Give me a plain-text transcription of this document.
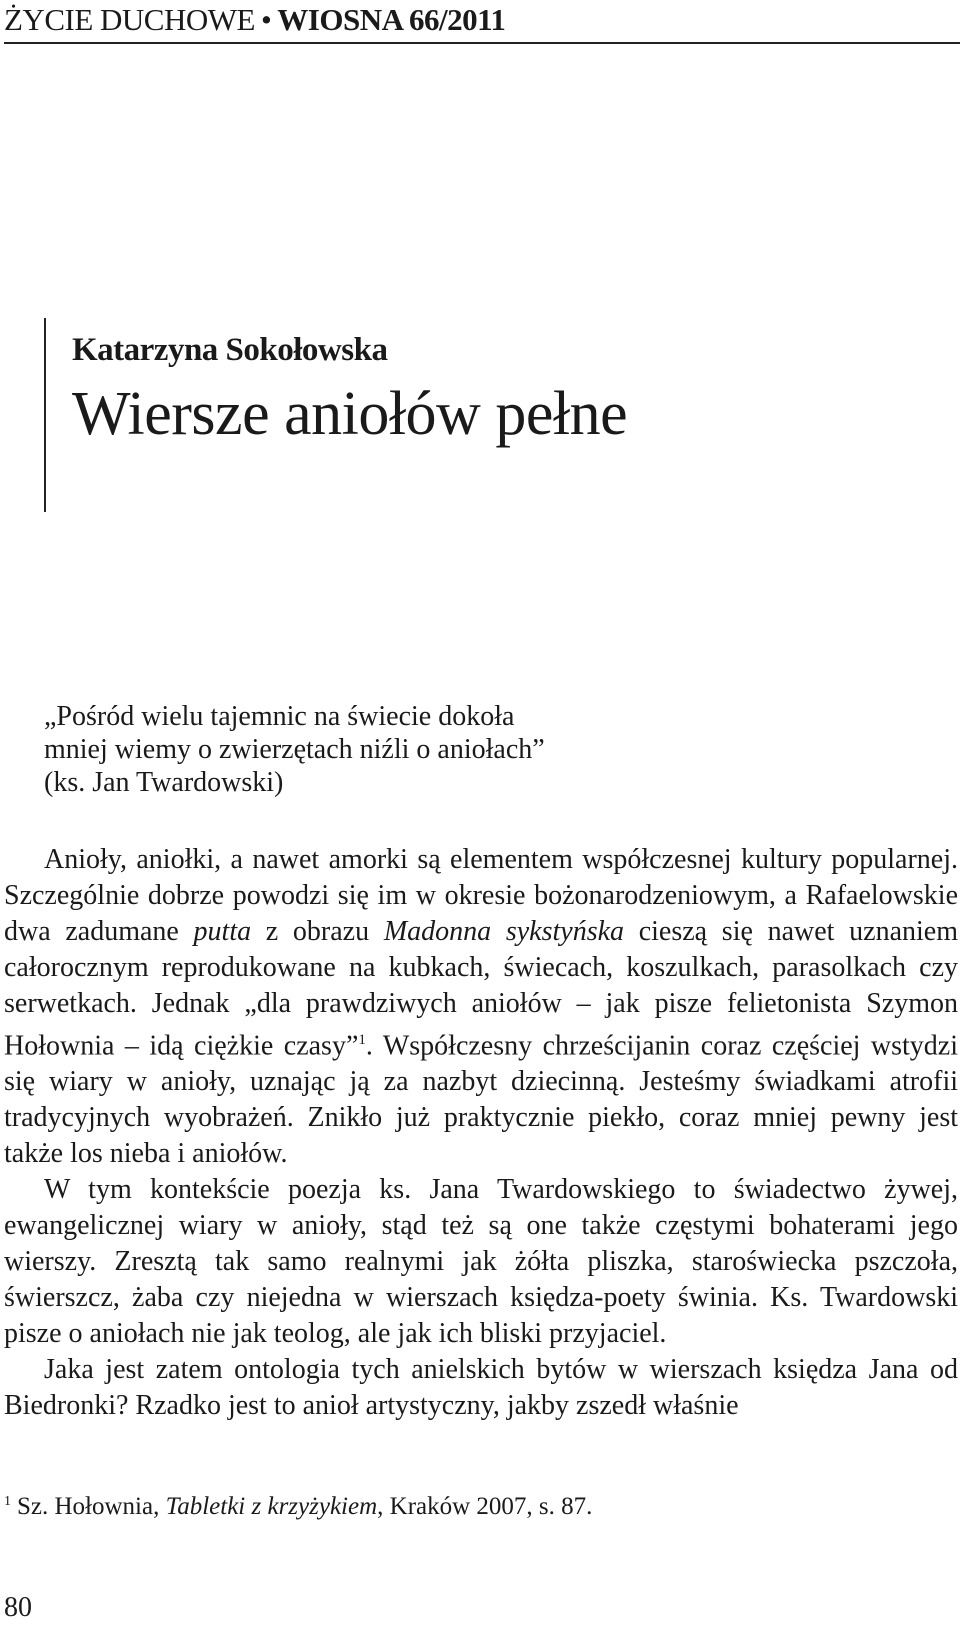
ŻYCIE DUCHOWE • WIOSNA 66/2011
Katarzyna Sokołowska
Wiersze aniołów pełne
„Pośród wielu tajemnic na świecie dokoła
mniej wiemy o zwierzętach niźli o aniołach”
(ks. Jan Twardowski)

Anioły, aniołki, a nawet amorki są elementem współczesnej kultury popularnej. Szczególnie dobrze powodzi się im w okresie bożonarodzeniowym, a Rafaelowskie dwa zadumane putta z obrazu Madonna sykstyńska cieszą się nawet uznaniem całorocznym reprodukowane na kubkach, świecach, koszulkach, parasolkach czy serwetkach. Jednak „dla prawdziwych aniołów – jak pisze felietonista Szymon Hołownia – idą ciężkie czasy”$^1$. Współczesny chrześcijanin coraz częściej wstydzi się wiary w anioły, uznając ją za nazbyt dziecinną. Jesteśmy świadkami atrofii tradycyjnych wyobrażeń. Znikło już praktycznie piekło, coraz mniej pewny jest także los nieba i aniołów.

W tym kontekście poezja ks. Jana Twardowskiego to świadectwo żywej, ewangelicznej wiary w anioły, stąd też są one także częstymi bohaterami jego wierszy. Zresztą tak samo realnymi jak żółta pliszka, staroświecka pszczoła, świerszcz, żaba czy niejedna w wierszach księdza-poety świnia. Ks. Twardowski pisze o aniołach nie jak teolog, ale jak ich bliski przyjaciel.

Jaka jest zatem ontologia tych anielskich bytów w wierszach księdza Jana od Biedronki? Rzadko jest to anioł artystyczny, jakby zszedł właśnie

$^1$ Sz. Hołownia, Tabletki z krzyżykiem, Kraków 2007, s. 87.
80
